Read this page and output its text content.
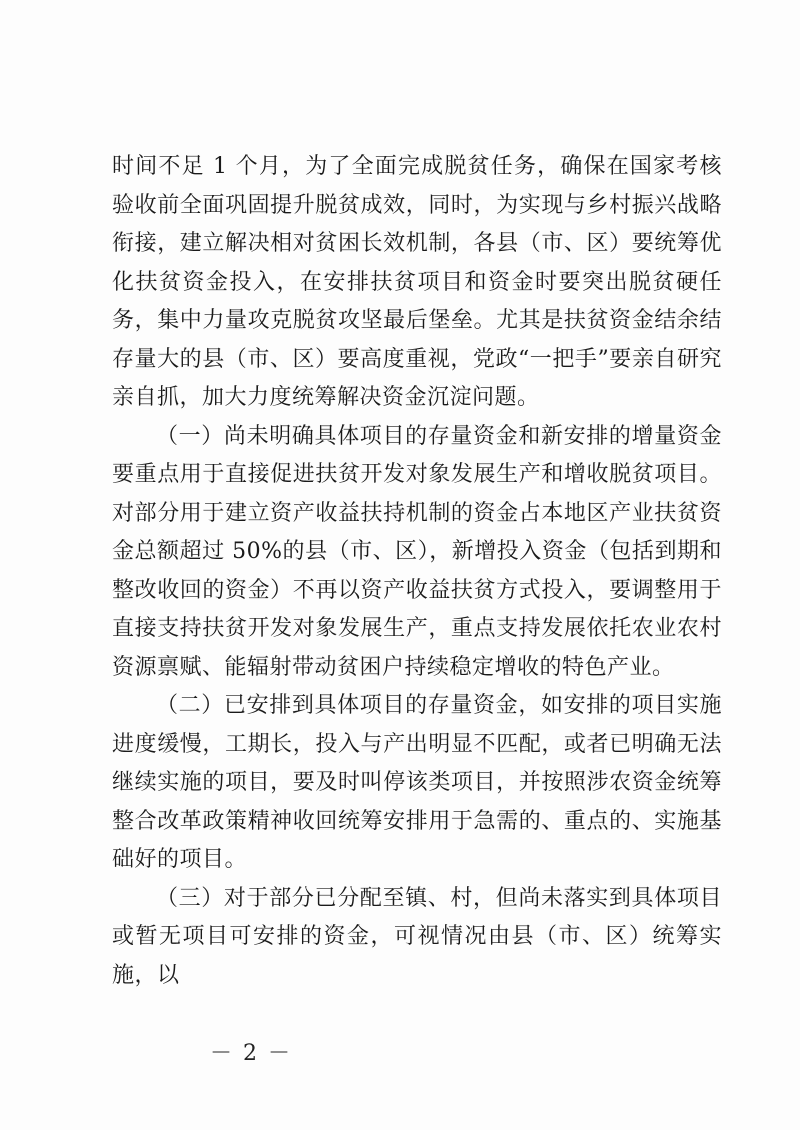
时间不足 1 个月，为了全面完成脱贫任务，确保在国家考核验收前全面巩固提升脱贫成效，同时，为实现与乡村振兴战略衔接，建立解决相对贫困长效机制，各县（市、区）要统筹优化扶贫资金投入，在安排扶贫项目和资金时要突出脱贫硬任务，集中力量攻克脱贫攻坚最后堡垒。尤其是扶贫资金结余结存量大的县（市、区）要高度重视，党政“一把手”要亲自研究亲自抓，加大力度统筹解决资金沉淀问题。

（一）尚未明确具体项目的存量资金和新安排的增量资金要重点用于直接促进扶贫开发对象发展生产和增收脱贫项目。对部分用于建立资产收益扶持机制的资金占本地区产业扶贫资金总额超过 50%的县（市、区），新增投入资金（包括到期和整改收回的资金）不再以资产收益扶贫方式投入，要调整用于直接支持扶贫开发对象发展生产，重点支持发展依托农业农村资源禀赋、能辐射带动贫困户持续稳定增收的特色产业。

（二）已安排到具体项目的存量资金，如安排的项目实施进度缓慢，工期长，投入与产出明显不匹配，或者已明确无法继续实施的项目，要及时叫停该类项目，并按照涉农资金统筹整合改革政策精神收回统筹安排用于急需的、重点的、实施基础好的项目。

（三）对于部分已分配至镇、村，但尚未落实到具体项目或暂无项目可安排的资金，可视情况由县（市、区）统筹实施，以

－ 2 －
